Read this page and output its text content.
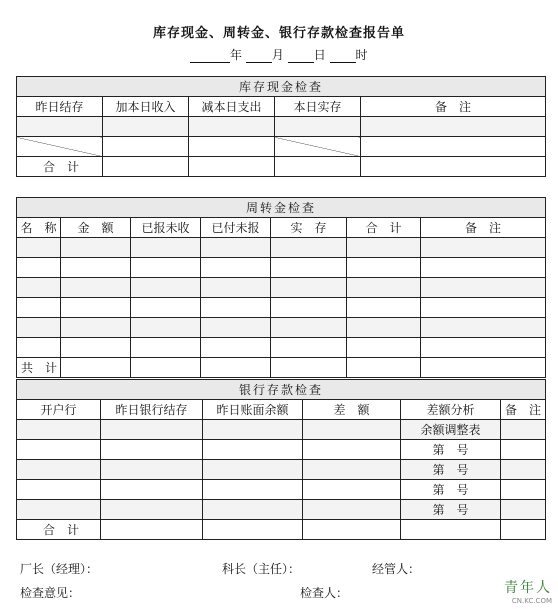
库存现金、周转金、银行存款检查报告单
年 月 日 时
库存现金检查				
昨日结存	加本日收入	减本日支出	本日实存	备　注

合　计				
周转金检查						
名　称	金　额	已报未收	已付未报	实　存	合　计	备　注

共　计						
银行存款检查					
开户行	昨日银行结存	昨日账面余额	差　额	差额分析	备　注
				余额调整表	
				第　号	
				第　号	
				第　号	
				第　号	
合　计					
厂长（经理）：	科长（主任）：	经管人：
检查意见：	检查人：	青年人
CN.KC.COM
